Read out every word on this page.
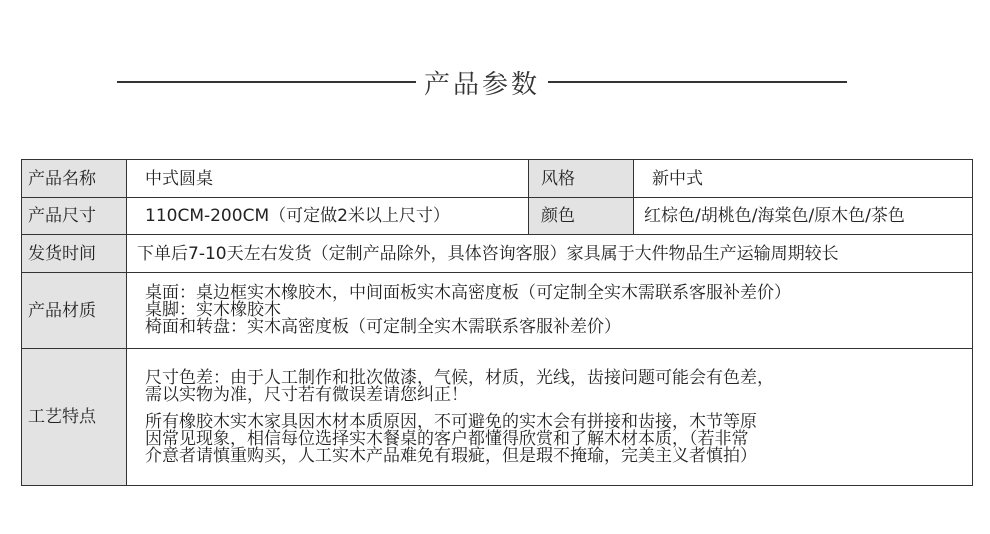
产品参数
产品名称	中式圆桌	风格	新中式
产品尺寸	110CM-200CM（可定做2米以上尺寸）	颜色	红棕色/胡桃色/海棠色/原木色/茶色
发货时间	下单后7-10天左右发货（定制产品除外，具体咨询客服）家具属于大件物品生产运输周期较长		
产品材质	桌面：桌边框实木橡胶木，中间面板实木高密度板（可定制全实木需联系客服补差价）
桌脚：实木橡胶木
椅面和转盘：实木高密度板（可定制全实木需联系客服补差价）		

工艺特点	尺寸色差：由于人工制作和批次做漆，气候，材质，光线，齿接问题可能会有色差，
需以实物为准，尺寸若有微误差请您纠正！
所有橡胶木实木家具因木材本质原因，不可避免的实木会有拼接和齿接，木节等原
因常见现象，相信每位选择实木餐桌的客户都懂得欣赏和了解木材本质，（若非常
介意者请慎重购买，人工实木产品难免有瑕疵，但是瑕不掩瑜，完美主义者慎拍）		
